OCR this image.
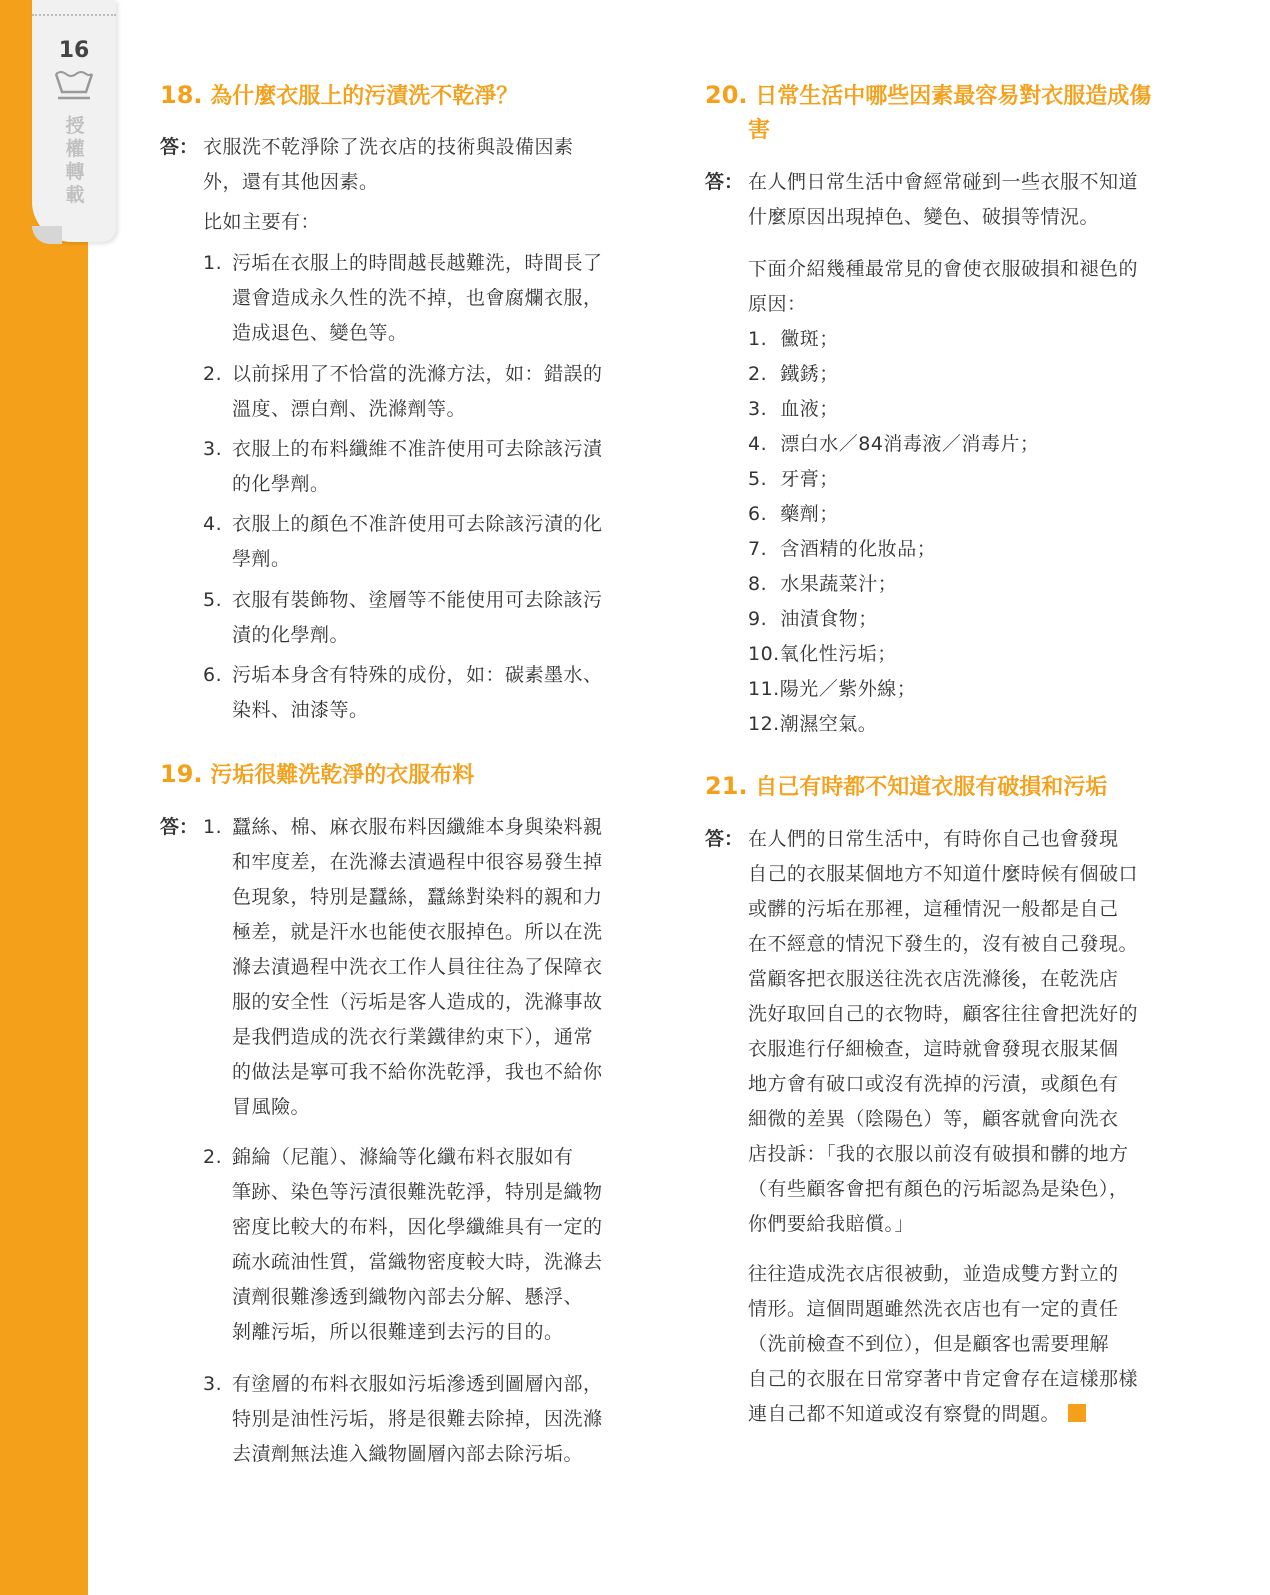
16
授權轉載
18. 為什麼衣服上的污漬洗不乾淨？
答： 衣服洗不乾淨除了洗衣店的技術與設備因素
外，還有其他因素。
比如主要有：
1. 污垢在衣服上的時間越長越難洗，時間長了
還會造成永久性的洗不掉，也會腐爛衣服，
造成退色、變色等。
2. 以前採用了不恰當的洗滌方法，如：錯誤的
溫度、漂白劑、洗滌劑等。
3. 衣服上的布料纖維不准許使用可去除該污漬
的化學劑。
4. 衣服上的顏色不准許使用可去除該污漬的化
學劑。
5. 衣服有裝飾物、塗層等不能使用可去除該污
漬的化學劑。
6. 污垢本身含有特殊的成份，如：碳素墨水、
染料、油漆等。
19. 污垢很難洗乾淨的衣服布料
答： 1. 蠶絲、棉、麻衣服布料因纖維本身與染料親
和牢度差，在洗滌去漬過程中很容易發生掉
色現象，特別是蠶絲，蠶絲對染料的親和力
極差，就是汗水也能使衣服掉色。所以在洗
滌去漬過程中洗衣工作人員往往為了保障衣
服的安全性（污垢是客人造成的，洗滌事故
是我們造成的洗衣行業鐵律約束下），通常
的做法是寧可我不給你洗乾淨，我也不給你
冒風險。
2. 錦綸（尼龍）、滌綸等化纖布料衣服如有
筆跡、染色等污漬很難洗乾淨，特別是織物
密度比較大的布料，因化學纖維具有一定的
疏水疏油性質，當織物密度較大時，洗滌去
漬劑很難滲透到織物內部去分解、懸浮、
剝離污垢，所以很難達到去污的目的。
3. 有塗層的布料衣服如污垢滲透到圖層內部，
特別是油性污垢，將是很難去除掉，因洗滌
去漬劑無法進入織物圖層內部去除污垢。
20. 日常生活中哪些因素最容易對衣服造成傷
害
答： 在人們日常生活中會經常碰到一些衣服不知道
什麼原因出現掉色、變色、破損等情況。
下面介紹幾種最常見的會使衣服破損和褪色的
原因：
1. 黴斑；
2. 鐵銹；
3. 血液；
4. 漂白水／84消毒液／消毒片；
5. 牙膏；
6. 藥劑；
7. 含酒精的化妝品；
8. 水果蔬菜汁；
9. 油漬食物；
10.氧化性污垢；
11.陽光／紫外線；
12.潮濕空氣。
21. 自己有時都不知道衣服有破損和污垢
答： 在人們的日常生活中，有時你自己也會發現
自己的衣服某個地方不知道什麼時候有個破口
或髒的污垢在那裡，這種情況一般都是自己
在不經意的情況下發生的，沒有被自己發現。
當顧客把衣服送往洗衣店洗滌後，在乾洗店
洗好取回自己的衣物時，顧客往往會把洗好的
衣服進行仔細檢查，這時就會發現衣服某個
地方會有破口或沒有洗掉的污漬，或顏色有
細微的差異（陰陽色）等，顧客就會向洗衣
店投訴：「我的衣服以前沒有破損和髒的地方
（有些顧客會把有顏色的污垢認為是染色），
你們要給我賠償。」
往往造成洗衣店很被動，並造成雙方對立的
情形。這個問題雖然洗衣店也有一定的責任
（洗前檢查不到位），但是顧客也需要理解
自己的衣服在日常穿著中肯定會存在這樣那樣
連自己都不知道或沒有察覺的問題。
